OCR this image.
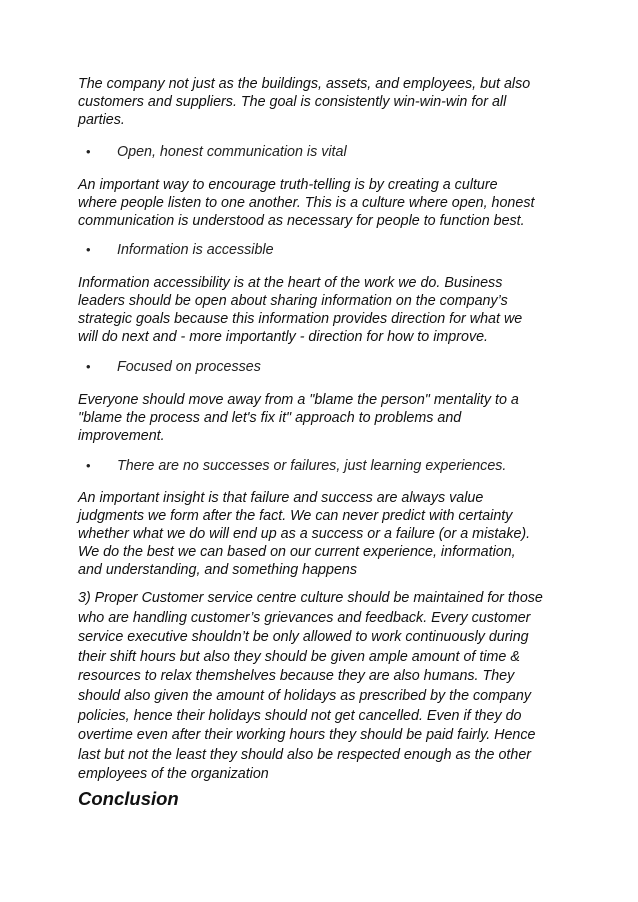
The company not just as the buildings, assets, and employees, but also
customers and suppliers. The goal is consistently win-win-win for all
parties.
• Open, honest communication is vital
An important way to encourage truth-telling is by creating a culture
where people listen to one another. This is a culture where open, honest
communication is understood as necessary for people to function best.
• Information is accessible
Information accessibility is at the heart of the work we do. Business
leaders should be open about sharing information on the company’s
strategic goals because this information provides direction for what we
will do next and - more importantly - direction for how to improve.
• Focused on processes
Everyone should move away from a "blame the person" mentality to a
"blame the process and let's fix it" approach to problems and
improvement.
• There are no successes or failures, just learning experiences.
An important insight is that failure and success are always value
judgments we form after the fact. We can never predict with certainty
whether what we do will end up as a success or a failure (or a mistake).
We do the best we can based on our current experience, information,
and understanding, and something happens
3) Proper Customer service centre culture should be maintained for those
who are handling customer’s grievances and feedback. Every customer
service executive shouldn’t be only allowed to work continuously during
their shift hours but also they should be given ample amount of time &
resources to relax themshelves because they are also humans. They
should also given the amount of holidays as prescribed by the company
policies, hence their holidays should not get cancelled. Even if they do
overtime even after their working hours they should be paid fairly. Hence
last but not the least they should also be respected enough as the other
employees of the organization
Conclusion
